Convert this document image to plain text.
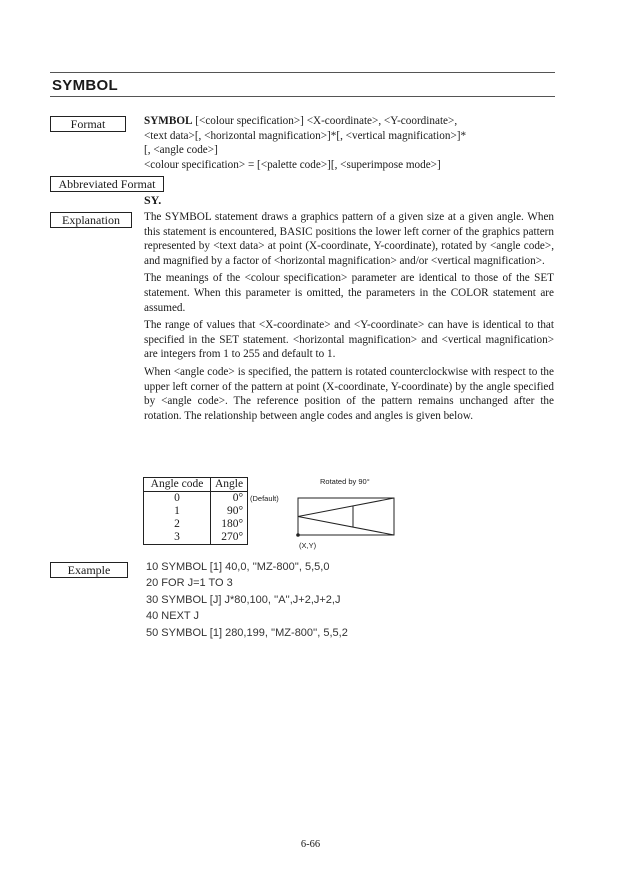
SYMBOL
Format	SYMBOL [<colour specification>] <X-coordinate>, <Y-coordinate>,

<text data>[, <horizontal magnification>]*[, <vertical magnification>]*

[, <angle code>]

<colour specification> = [<palette code>][, <superimpose mode>]

Abbreviated Format
SY.
Explanation	The SYMBOL statement draws a graphics pattern of a given size at a given angle. When this statement is encountered, BASIC positions the lower left corner of the graphics pattern represented by <text data> at point (X-coordinate, Y-coordinate), rotated by <angle code>, and magnified by a factor of <horizontal magnification> and/or <vertical magnification>.

The meanings of the <colour specification> parameter are identical to those of the SET statement. When this parameter is omitted, the parameters in the COLOR statement are assumed.

The range of values that <X-coordinate> and <Y-coordinate> can have is identical to that specified in the SET statement. <horizontal magnification> and <vertical magnification> are integers from 1 to 255 and default to 1.

When <angle code> is specified, the pattern is rotated counterclockwise with respect to the upper left corner of the pattern at point (X-coordinate, Y-coordinate) by the angle specified by <angle code>. The reference position of the pattern remains unchanged after the rotation. The relationship between angle codes and angles is given below.

Angle code	Angle
0	0°
1	90°
2	180°
3	270°
(Default)
Rotated by 90°
(X,Y)
Example	10 SYMBOL [1] 40,0, ''MZ-800'', 5,5,0
20 FOR J=1 TO 3
30 SYMBOL [J] J*80,100, ''A'',J+2,J+2,J
40 NEXT J
50 SYMBOL [1] 280,199, ''MZ-800'', 5,5,2
6-66
